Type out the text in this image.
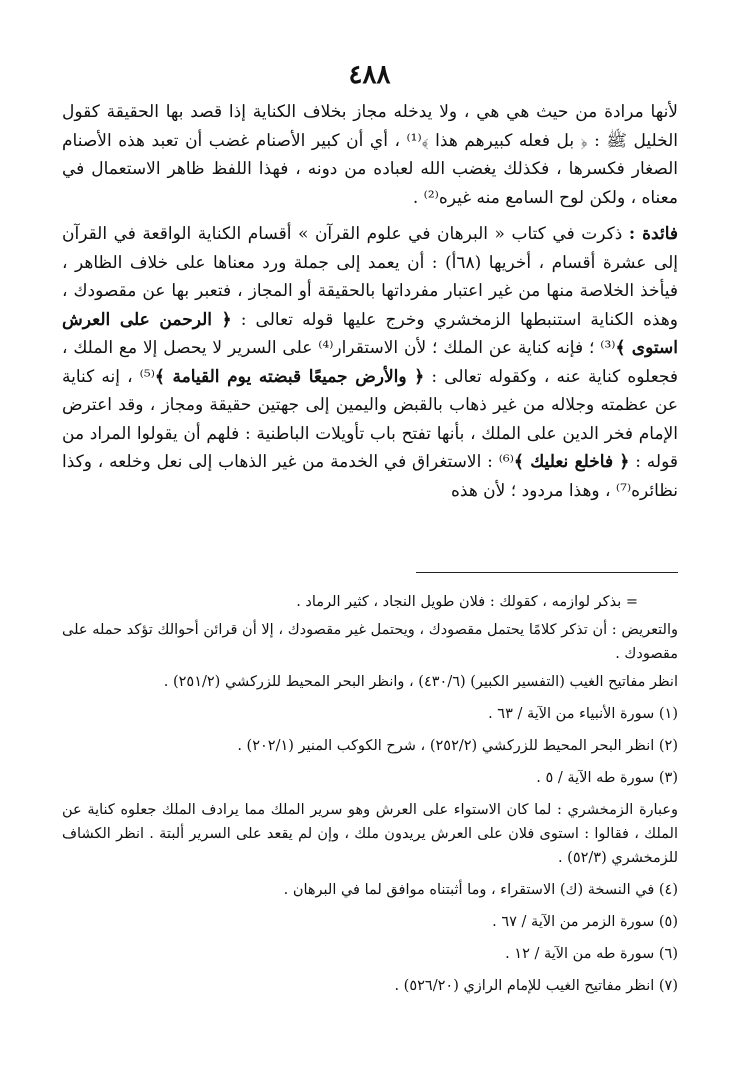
٤٨٨

لأنها مرادة من حيث هي هي ، ولا يدخله مجاز بخلاف الكناية إذا قصد بها الحقيقة كقول الخليل ﷺ : ﴿ بل فعله كبيرهم هذا ﴾⁽¹⁾ ، أي أن كبير الأصنام غضب أن تعبد هذه الأصنام الصغار فكسرها ، فكذلك يغضب الله لعباده من دونه ، فهذا اللفظ ظاهر الاستعمال في معناه ، ولكن لوح السامع منه غيره⁽²⁾ .

فائدة : ذكرت في كتاب « البرهان في علوم القرآن » أقسام الكناية الواقعة في القرآن إلى عشرة أقسام ، أخريها (٦٨أ) : أن يعمد إلى جملة ورد معناها على خلاف الظاهر ، فيأخذ الخلاصة منها من غير اعتبار مفرداتها بالحقيقة أو المجاز ، فتعبر بها عن مقصودك ، وهذه الكناية استنبطها الزمخشري وخرج عليها قوله تعالى : ﴿ الرحمن على العرش استوى ﴾⁽³⁾ ؛ فإنه كناية عن الملك ؛ لأن الاستقرار⁽⁴⁾ على السرير لا يحصل إلا مع الملك ، فجعلوه كناية عنه ، وكقوله تعالى : ﴿ والأرض جميعًا قبضته يوم القيامة ﴾⁽⁵⁾ ، إنه كناية عن عظمته وجلاله من غير ذهاب بالقبض واليمين إلى جهتين حقيقة ومجاز ، وقد اعترض الإمام فخر الدين على الملك ، بأنها تفتح باب تأويلات الباطنية : فلهم أن يقولوا المراد من قوله : ﴿ فاخلع نعليك ﴾⁽⁶⁾ : الاستغراق في الخدمة من غير الذهاب إلى نعل وخلعه ، وكذا نظائره⁽⁷⁾ ، وهذا مردود ؛ لأن هذه

= بذكر لوازمه ، كقولك : فلان طويل النجاد ، كثير الرماد .

والتعريض : أن تذكر كلامًا يحتمل مقصودك ، ويحتمل غير مقصودك ، إلا أن قرائن أحوالك تؤكد حمله على مقصودك .

انظر مفاتيح الغيب (التفسير الكبير) (٤٣٠/٦) ، وانظر البحر المحيط للزركشي (٢٥١/٢) .

(١) سورة الأنبياء من الآية / ٦٣ .

(٢) انظر البحر المحيط للزركشي (٢٥٢/٢) ، شرح الكوكب المنير (٢٠٢/١) .

(٣) سورة طه الآية / ٥ .

وعبارة الزمخشري : لما كان الاستواء على العرش وهو سرير الملك مما يرادف الملك جعلوه كناية عن الملك ، فقالوا : استوى فلان على العرش يريدون ملك ، وإن لم يقعد على السرير ألبتة . انظر الكشاف للزمخشري (٥٢/٣) .

(٤) في النسخة (ك) الاستقراء ، وما أثبتناه موافق لما في البرهان .

(٥) سورة الزمر من الآية / ٦٧ .

(٦) سورة طه من الآية / ١٢ .

(٧) انظر مفاتيح الغيب للإمام الرازي (٥٢٦/٢٠) .
